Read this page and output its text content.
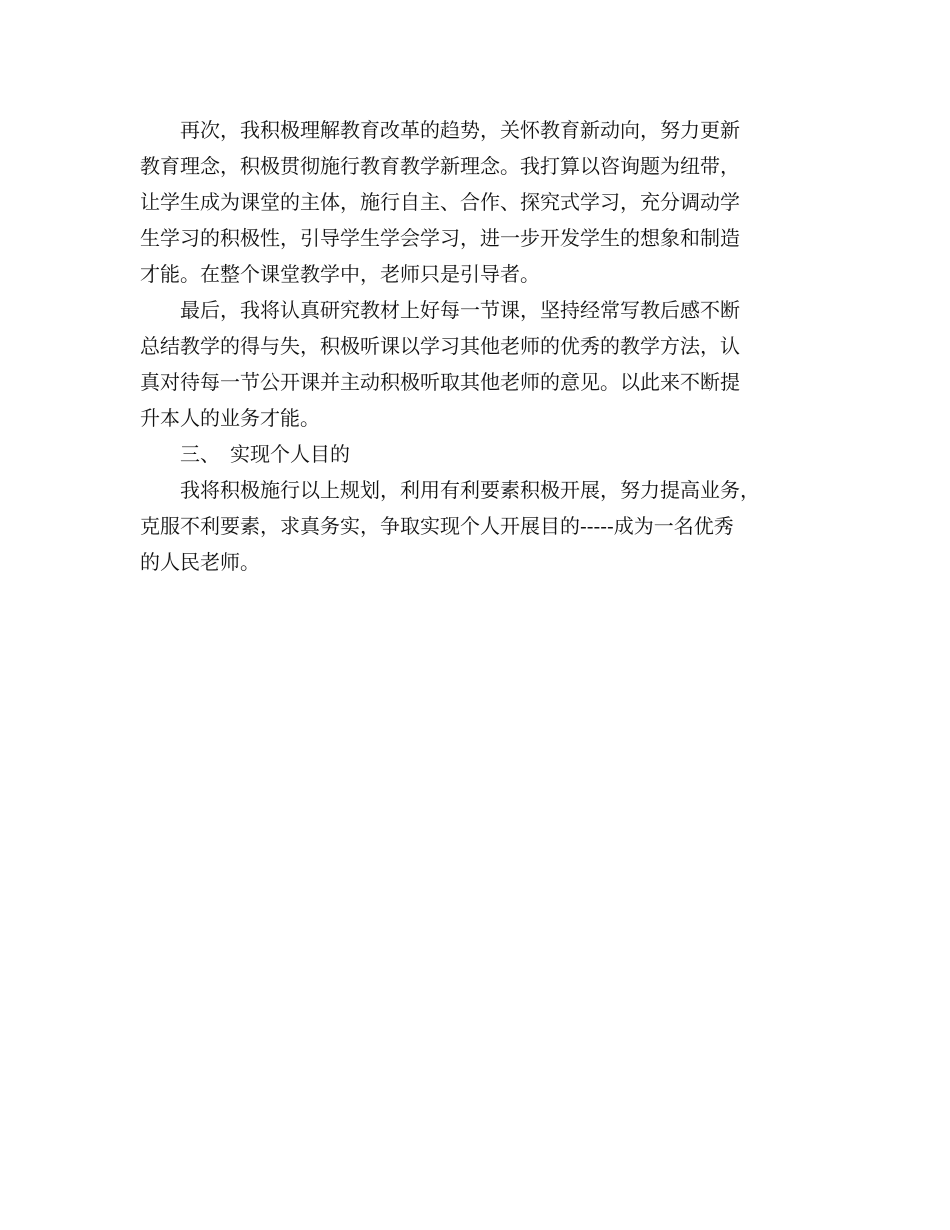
再次，我积极理解教育改革的趋势，关怀教育新动向，努力更新
教育理念，积极贯彻施行教育教学新理念。我打算以咨询题为纽带，
让学生成为课堂的主体，施行自主、合作、探究式学习，充分调动学
生学习的积极性，引导学生学会学习，进一步开发学生的想象和制造
才能。在整个课堂教学中，老师只是引导者。
最后，我将认真研究教材上好每一节课，坚持经常写教后感不断
总结教学的得与失，积极听课以学习其他老师的优秀的教学方法，认
真对待每一节公开课并主动积极听取其他老师的意见。以此来不断提
升本人的业务才能。
三、　实现个人目的
我将积极施行以上规划，利用有利要素积极开展，努力提高业务，
克服不利要素，求真务实，争取实现个人开展目的-----成为一名优秀
的人民老师。
